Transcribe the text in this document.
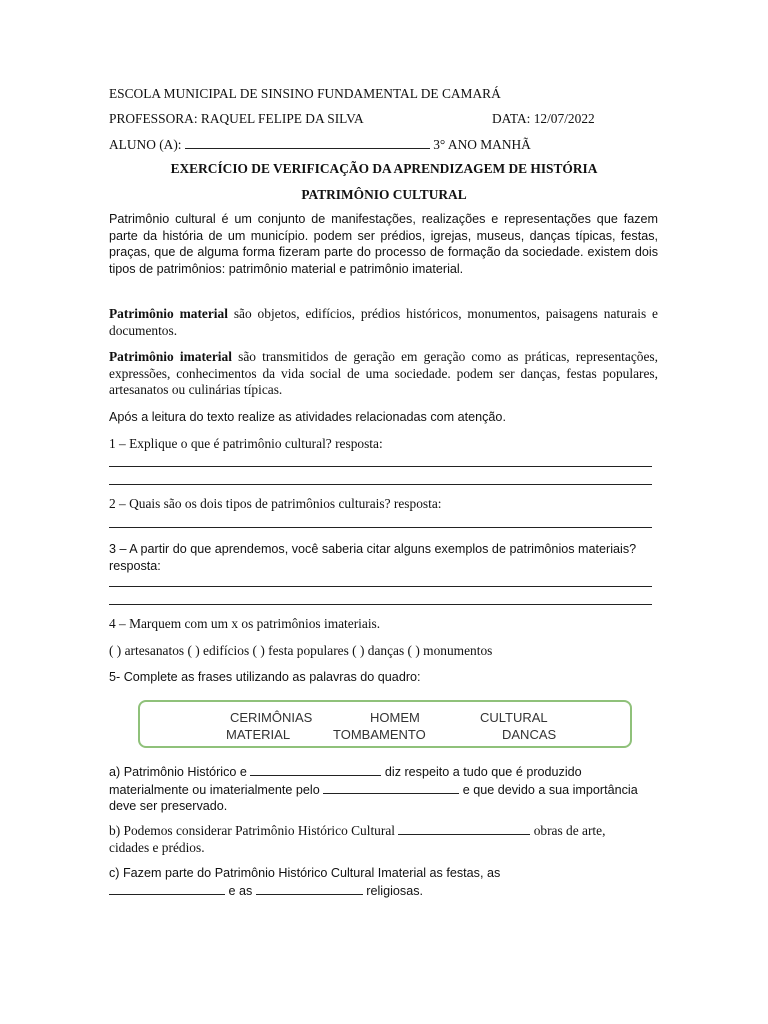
ESCOLA MUNICIPAL DE SINSINO FUNDAMENTAL DE CAMARÁ
PROFESSORA: RAQUEL FELIPE DA SILVA	DATA: 12/07/2022
ALUNO (A):	3° ANO MANHÃ
EXERCÍCIO DE VERIFICAÇÃO DA APRENDIZAGEM DE HISTÓRIA
PATRIMÔNIO CULTURAL
Patrimônio cultural é um conjunto de manifestações, realizações e representações que fazem parte da história de um município. podem ser prédios, igrejas, museus, danças típicas, festas, praças, que de alguma forma fizeram parte do processo de formação da sociedade. existem dois tipos de patrimônios: patrimônio material e patrimônio imaterial.
Patrimônio material são objetos, edifícios, prédios históricos, monumentos, paisagens naturais e documentos.
Patrimônio imaterial são transmitidos de geração em geração como as práticas, representações, expressões, conhecimentos da vida social de uma sociedade. podem ser danças, festas populares, artesanatos ou culinárias típicas.
Após a leitura do texto realize as atividades relacionadas com atenção.
1 – Explique o que é patrimônio cultural? resposta:
2 – Quais são os dois tipos de patrimônios culturais? resposta:
3 – A partir do que aprendemos, você saberia citar alguns exemplos de patrimônios materiais? resposta:
4 – Marquem com um x os patrimônios imateriais.
( ) artesanatos ( ) edifícios ( ) festa populares ( ) danças ( ) monumentos
5- Complete as frases utilizando as palavras do quadro:
CERIMÔNIAS	HOMEM	CULTURAL
MATERIAL	TOMBAMENTO	DANCAS
a) Patrimônio Histórico e	diz respeito a tudo que é produzido materialmente ou imaterialmente pelo	e que devido a sua importância deve ser preservado.
b) Podemos considerar Patrimônio Histórico Cultural	obras de arte, cidades e prédios.
c) Fazem parte do Patrimônio Histórico Cultural Imaterial as festas, as
e as	religiosas.
